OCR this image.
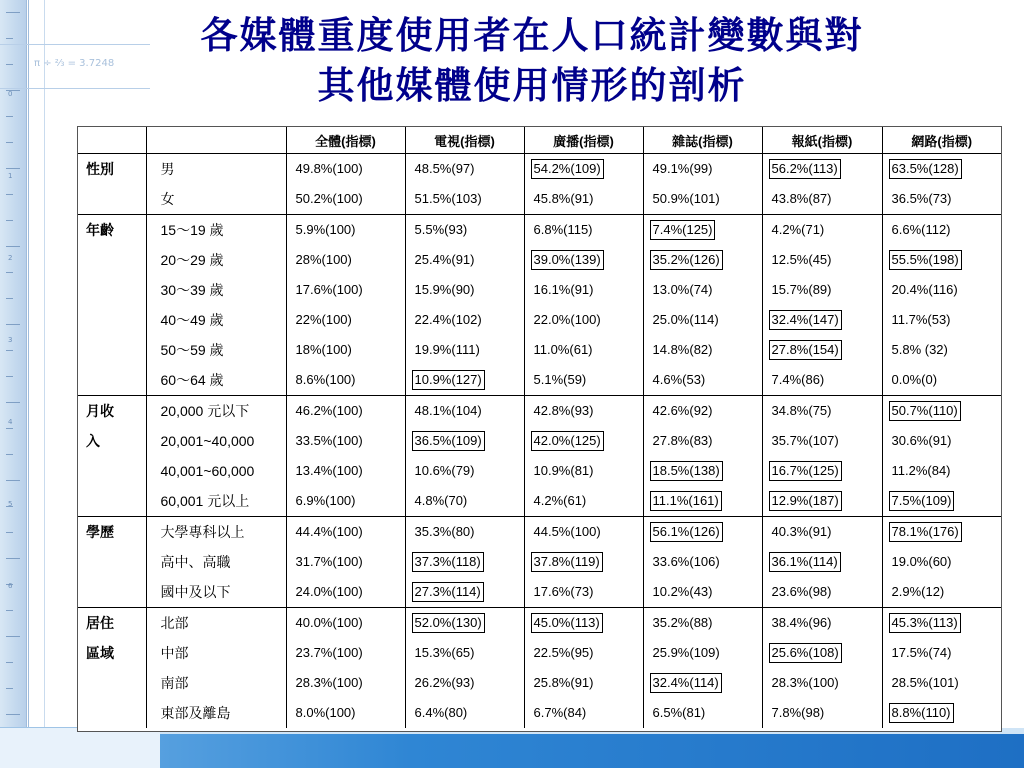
0
1
2
3
4
5
6
π ÷ ⅔ = 3.7248
各媒體重度使用者在人口統計變數與對
其他媒體使用情形的剖析
		全體(指標)	電視(指標)	廣播(指標)	雜誌(指標)	報紙(指標)	網路(指標)
性別	男	49.8%(100)	48.5%(97)	54.2%(109)	49.1%(99)	56.2%(113)	63.5%(128)
	女	50.2%(100)	51.5%(103)	45.8%(91)	50.9%(101)	43.8%(87)	36.5%(73)
年齡	15～19 歲	5.9%(100)	5.5%(93)	6.8%(115)	7.4%(125)	4.2%(71)	6.6%(112)
	20～29 歲	28%(100)	25.4%(91)	39.0%(139)	35.2%(126)	12.5%(45)	55.5%(198)
	30～39 歲	17.6%(100)	15.9%(90)	16.1%(91)	13.0%(74)	15.7%(89)	20.4%(116)
	40～49 歲	22%(100)	22.4%(102)	22.0%(100)	25.0%(114)	32.4%(147)	11.7%(53)
	50～59 歲	18%(100)	19.9%(111)	11.0%(61)	14.8%(82)	27.8%(154)	5.8% (32)
	60～64 歲	8.6%(100)	10.9%(127)	5.1%(59)	4.6%(53)	7.4%(86)	0.0%(0)
月收	20,000 元以下	46.2%(100)	48.1%(104)	42.8%(93)	42.6%(92)	34.8%(75)	50.7%(110)
入	20,001~40,000	33.5%(100)	36.5%(109)	42.0%(125)	27.8%(83)	35.7%(107)	30.6%(91)
	40,001~60,000	13.4%(100)	10.6%(79)	10.9%(81)	18.5%(138)	16.7%(125)	11.2%(84)
	60,001 元以上	6.9%(100)	4.8%(70)	4.2%(61)	11.1%(161)	12.9%(187)	7.5%(109)
學歷	大學專科以上	44.4%(100)	35.3%(80)	44.5%(100)	56.1%(126)	40.3%(91)	78.1%(176)
	高中、高職	31.7%(100)	37.3%(118)	37.8%(119)	33.6%(106)	36.1%(114)	19.0%(60)
	國中及以下	24.0%(100)	27.3%(114)	17.6%(73)	10.2%(43)	23.6%(98)	2.9%(12)
居住	北部	40.0%(100)	52.0%(130)	45.0%(113)	35.2%(88)	38.4%(96)	45.3%(113)
區域	中部	23.7%(100)	15.3%(65)	22.5%(95)	25.9%(109)	25.6%(108)	17.5%(74)
	南部	28.3%(100)	26.2%(93)	25.8%(91)	32.4%(114)	28.3%(100)	28.5%(101)
	東部及離島	8.0%(100)	6.4%(80)	6.7%(84)	6.5%(81)	7.8%(98)	8.8%(110)
